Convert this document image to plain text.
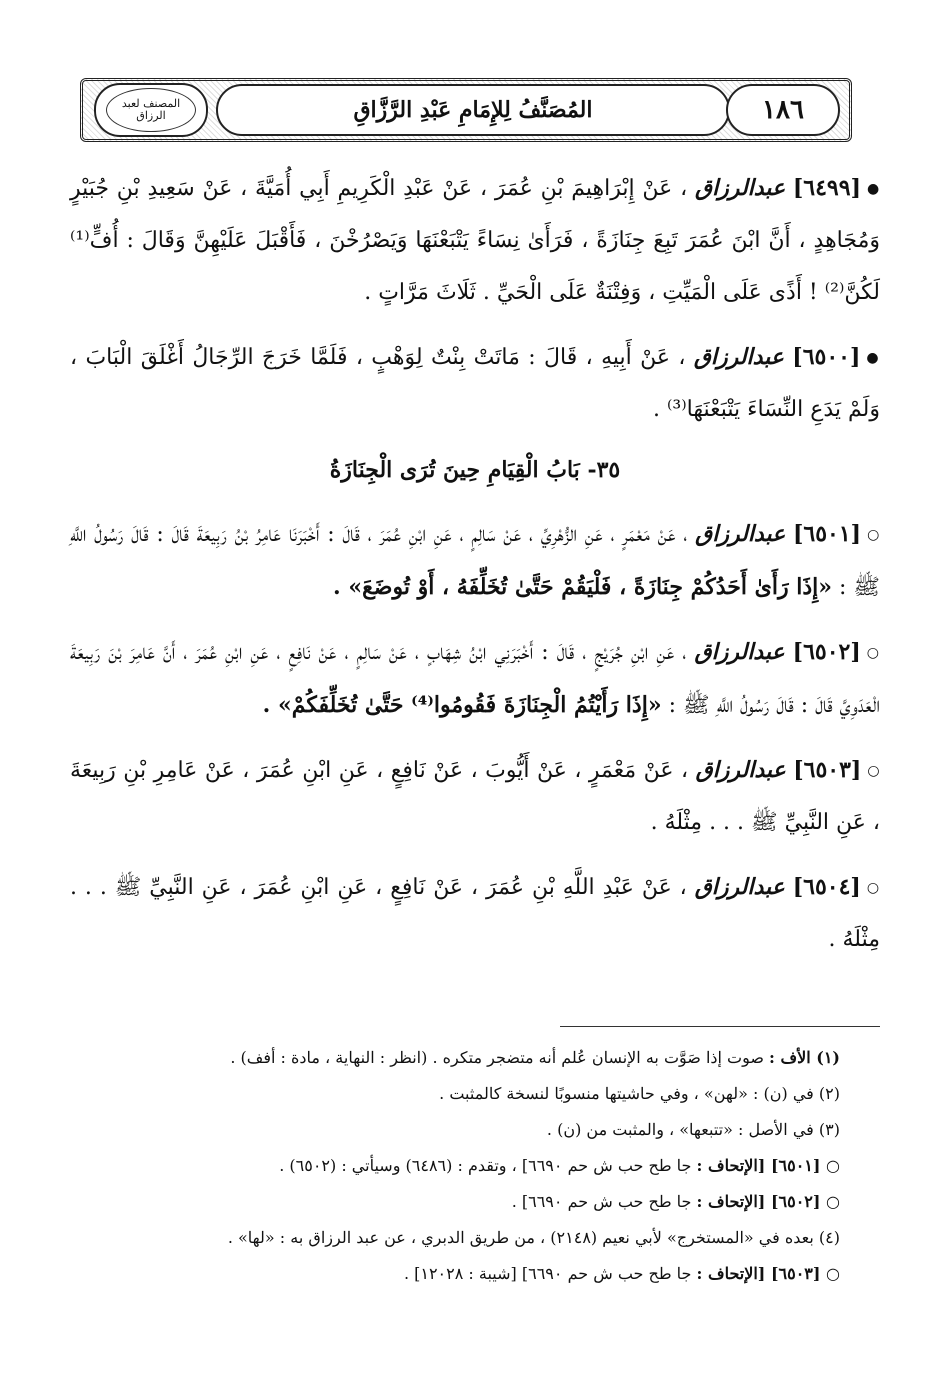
المصنف لعبد الرزاق	المُصَنَّفُ لِلإِمَامِ عَبْدِ الرَّزَّاقِ	١٨٦

●[٦٤٩٩] عبدالرزاق ، عَنْ إِبْرَاهِيمَ بْنِ عُمَرَ ، عَنْ عَبْدِ الْكَرِيمِ أَبِي أُمَيَّةَ ، عَنْ سَعِيدِ بْنِ جُبَيْرٍ وَمُجَاهِدٍ ، أَنَّ ابْنَ عُمَرَ تَبِعَ جِنَازَةً ، فَرَأَىٰ نِسَاءً يَتْبَعْنَهَا وَيَصْرُخْنَ ، فَأَقْبَلَ عَلَيْهِنَّ وَقَالَ : أُفٍّ⁽¹⁾ لَكُنَّ⁽²⁾ ! أَذًى عَلَى الْمَيِّتِ ، وَفِتْنَةٌ عَلَى الْحَيِّ . ثَلَاثَ مَرَّاتٍ .

●[٦٥٠٠] عبدالرزاق ، عَنْ أَبِيهِ ، قَالَ : مَاتَتْ بِنْتٌ لِوَهْبٍ ، فَلَمَّا خَرَجَ الرِّجَالُ أَغْلَقَ الْبَابَ ، وَلَمْ يَدَعِ النِّسَاءَ يَتْبَعْنَهَا⁽³⁾ .

٣٥- بَابُ الْقِيَامِ حِينَ تُرَى الْجِنَازَةُ

○[٦٥٠١] عبدالرزاق ، عَنْ مَعْمَرٍ ، عَنِ الزُّهْرِيِّ ، عَنْ سَالِمٍ ، عَنِ ابْنِ عُمَرَ ، قَالَ : أَخْبَرَنَا عَامِرُ بْنُ رَبِيعَةَ قَالَ : قَالَ رَسُولُ اللَّهِ ﷺ : «إِذَا رَأَىٰ أَحَدُكُمْ جِنَازَةً ، فَلْيَقُمْ حَتَّىٰ تُخَلِّفَهُ ، أَوْ تُوضَعَ» .

○[٦٥٠٢] عبدالرزاق ، عَنِ ابْنِ جُرَيْجٍ ، قَالَ : أَخْبَرَنِي ابْنُ شِهَابٍ ، عَنْ سَالِمٍ ، عَنْ نَافِعٍ ، عَنِ ابْنِ عُمَرَ ، أَنَّ عَامِرَ بْنَ رَبِيعَةَ الْعَدَوِيَّ قَالَ : قَالَ رَسُولُ اللَّهِ ﷺ : «إِذَا رَأَيْتُمُ الْجِنَازَةَ فَقُومُوا⁽⁴⁾ حَتَّىٰ تُخَلِّفَكُمْ» .

○[٦٥٠٣] عبدالرزاق ، عَنْ مَعْمَرٍ ، عَنْ أَيُّوبَ ، عَنْ نَافِعٍ ، عَنِ ابْنِ عُمَرَ ، عَنْ عَامِرِ بْنِ رَبِيعَةَ ، عَنِ النَّبِيِّ ﷺ . . . مِثْلَهُ .

○[٦٥٠٤] عبدالرزاق ، عَنْ عَبْدِ اللَّهِ بْنِ عُمَرَ ، عَنْ نَافِعٍ ، عَنِ ابْنِ عُمَرَ ، عَنِ النَّبِيِّ ﷺ . . . مِثْلَهُ .

(١) الأف : صوت إذا صَوَّت به الإنسان عُلم أنه متضجر متكره . (انظر : النهاية ، مادة : أفف) .

(٢) في (ن) : «لهن» ، وفي حاشيتها منسوبًا لنسخة كالمثبت .

(٣) في الأصل : «تتبعها» ، والمثبت من (ن) .

○ [٦٥٠١] [الإتحاف : جا طح حب ش حم ٦٦٩٠] ، وتقدم : (٦٤٨٦) وسيأتي : (٦٥٠٢) .

○ [٦٥٠٢] [الإتحاف : جا طح حب ش حم ٦٦٩٠] .

(٤) بعده في «المستخرج» لأبي نعيم (٢١٤٨) ، من طريق الدبري ، عن عبد الرزاق به : «لها» .

○ [٦٥٠٣] [الإتحاف : جا طح حب ش حم ٦٦٩٠] [شيبة : ١٢٠٢٨] .
